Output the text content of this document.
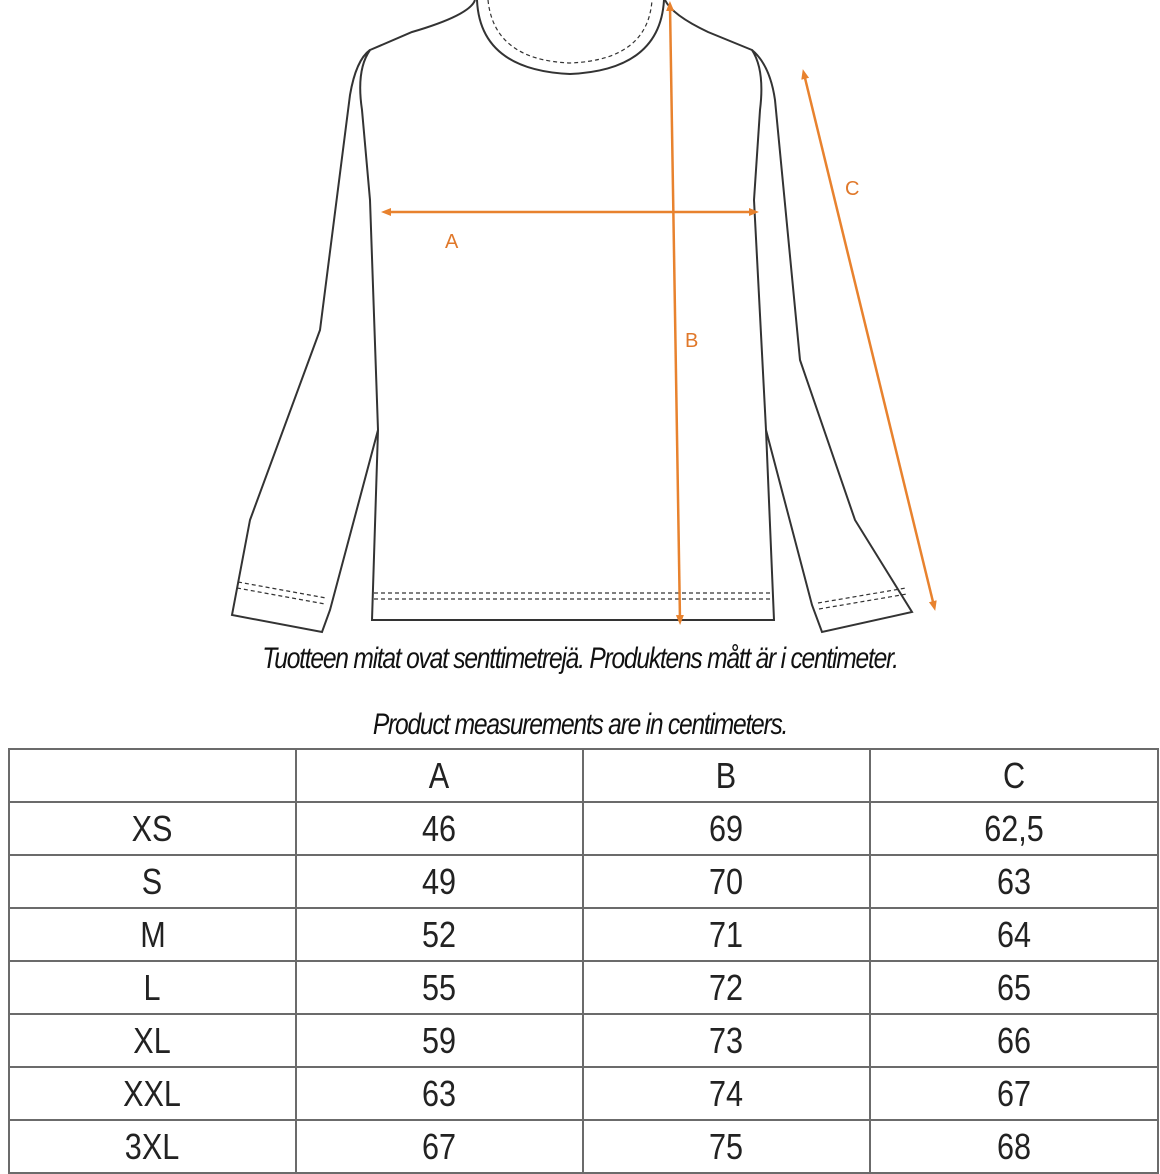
A
B
C
Tuotteen mitat ovat senttimetrejä. Produktens mått är i centimeter.
Product measurements are in centimeters.
	A	B	C
XS	46	69	62,5
S	49	70	63
M	52	71	64
L	55	72	65
XL	59	73	66
XXL	63	74	67
3XL	67	75	68
